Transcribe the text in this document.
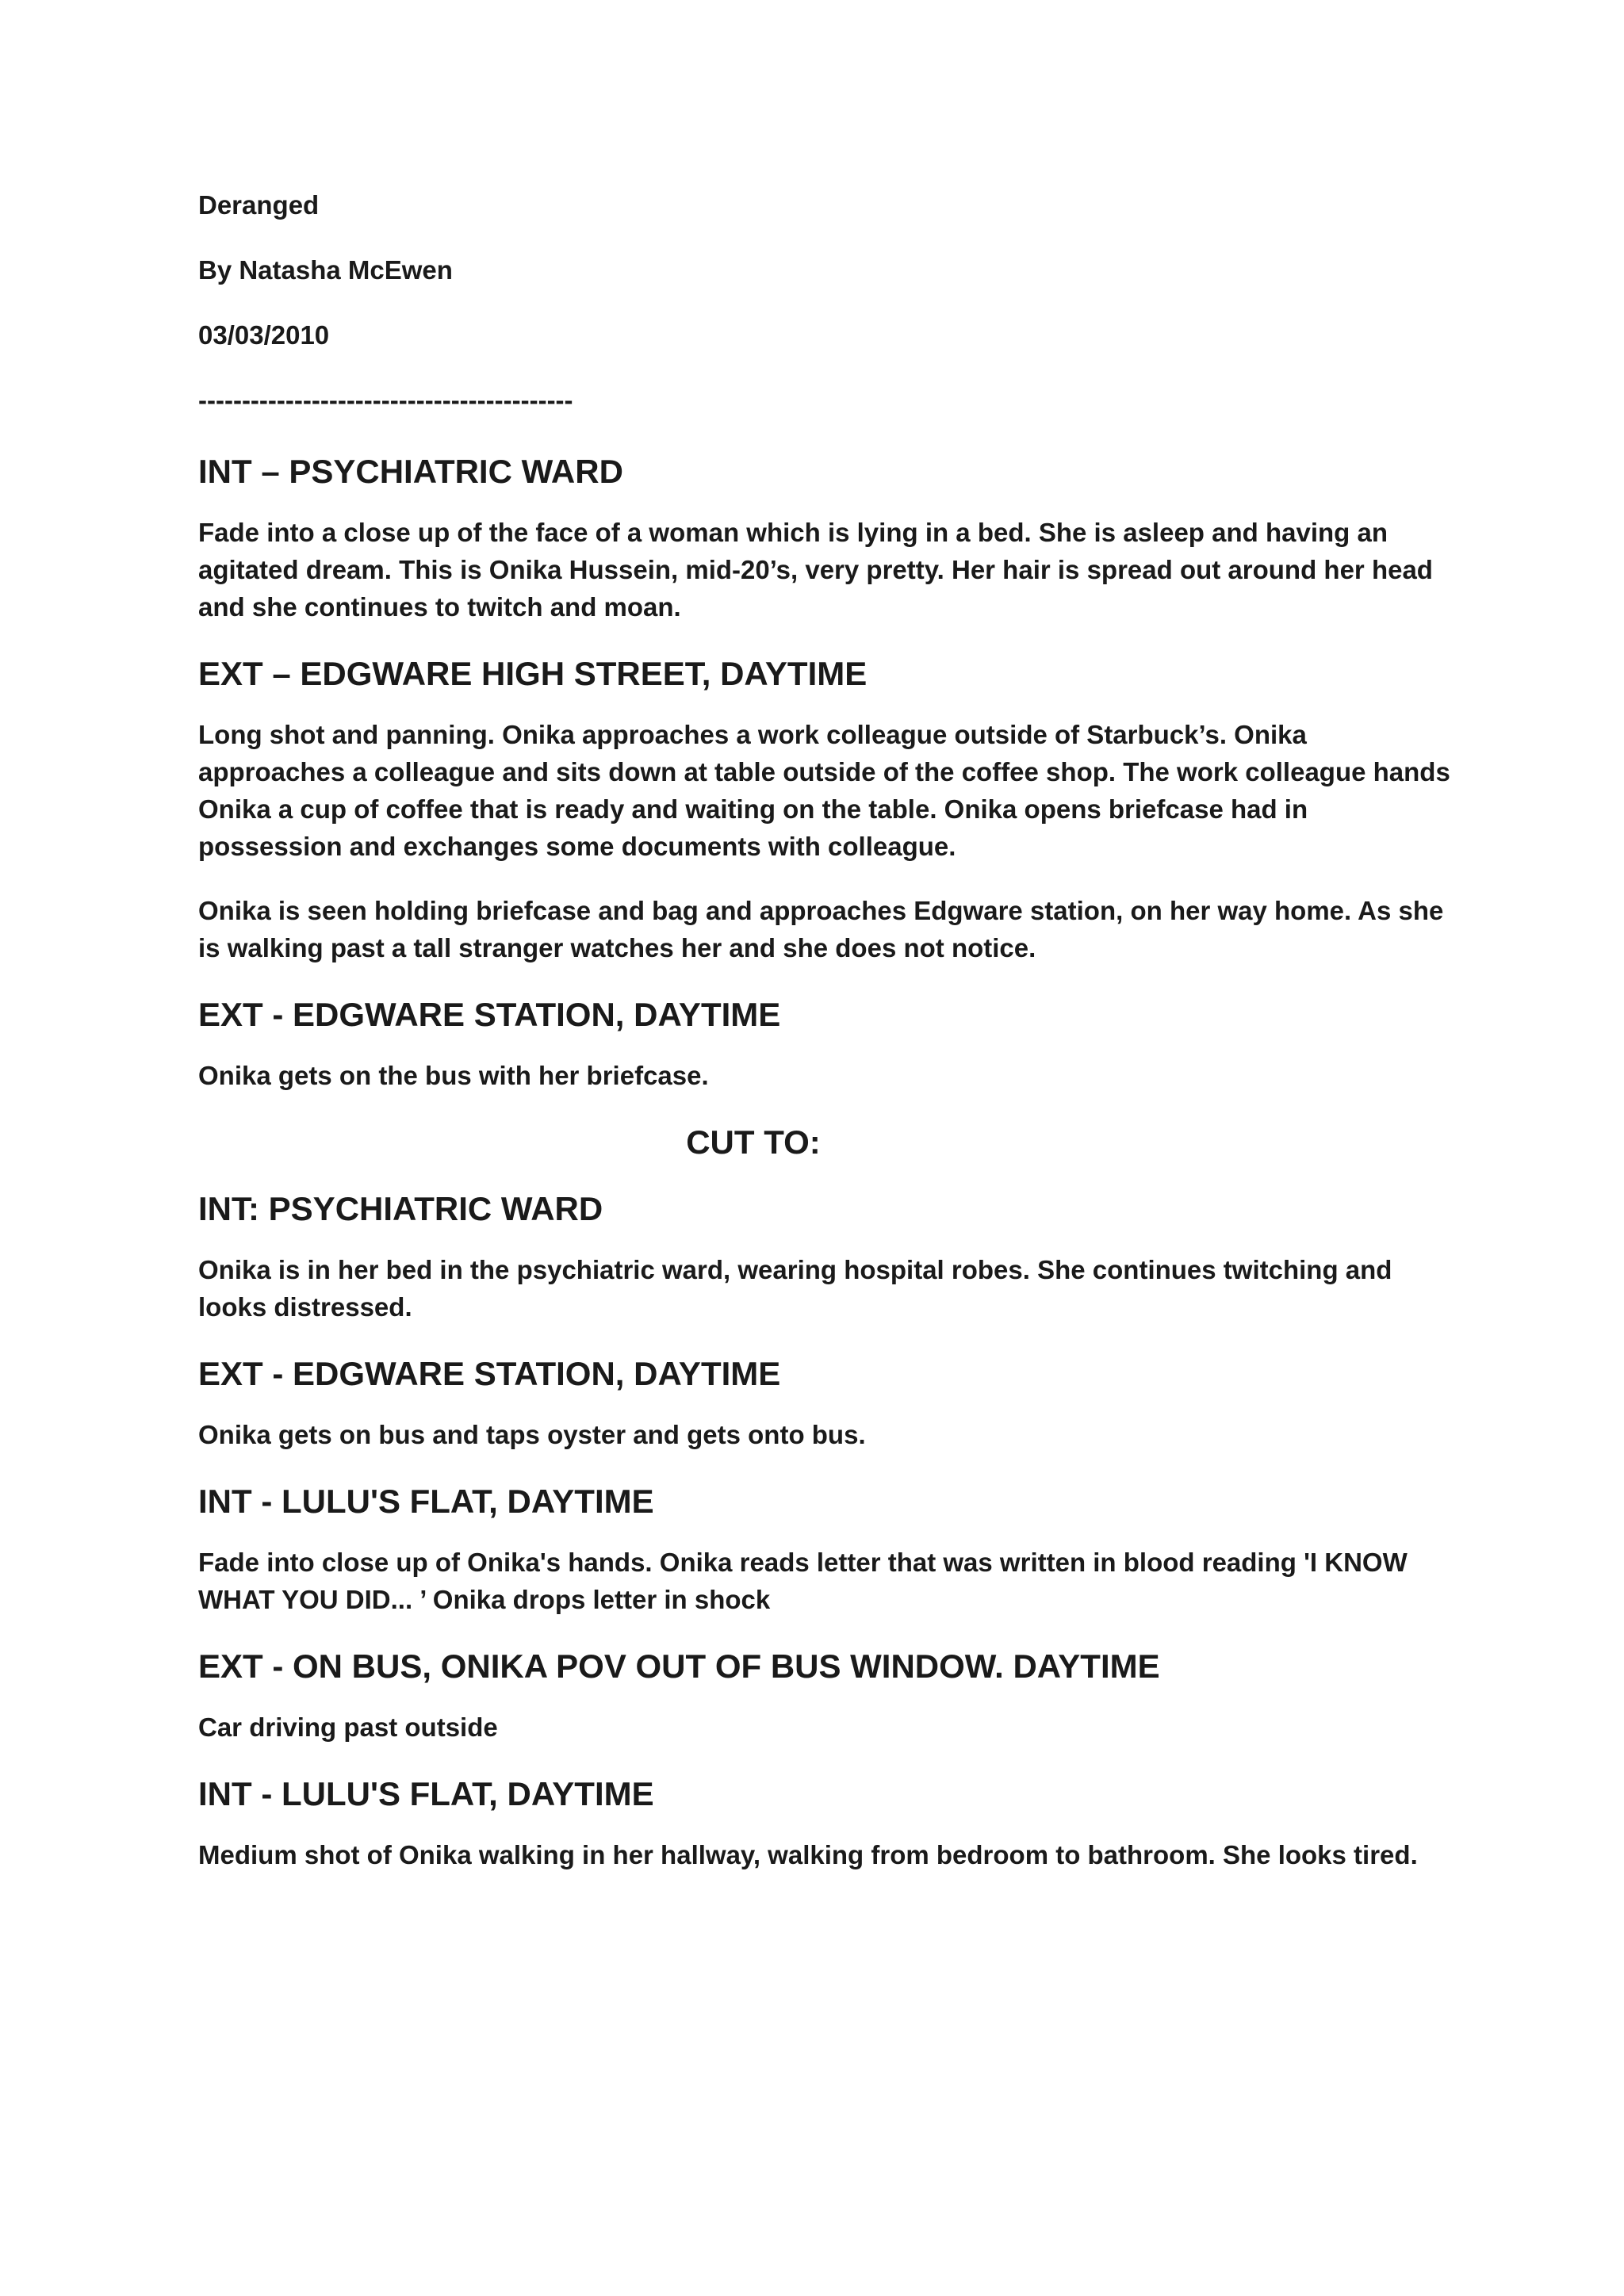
Deranged

By Natasha McEwen

03/03/2010

-------------------------------------------

INT – PSYCHIATRIC WARD

Fade into a close up of the face of a woman which is lying in a bed. She is asleep and having an agitated dream. This is Onika Hussein, mid-20’s, very pretty. Her hair is spread out around her head and she continues to twitch and moan.

EXT – EDGWARE HIGH STREET, DAYTIME

Long shot and panning. Onika approaches a work colleague outside of Starbuck’s. Onika approaches a colleague and sits down at table outside of the coffee shop. The work colleague hands Onika a cup of coffee that is ready and waiting on the table. Onika opens briefcase had in possession and exchanges some documents with colleague.

Onika is seen holding briefcase and bag and approaches Edgware station, on her way home. As she is walking past a tall stranger watches her and she does not notice.

EXT - EDGWARE STATION, DAYTIME

Onika gets on the bus with her briefcase.

CUT TO:

INT: PSYCHIATRIC WARD

Onika is in her bed in the psychiatric ward, wearing hospital robes. She continues twitching and looks distressed.

EXT - EDGWARE STATION, DAYTIME

Onika gets on bus and taps oyster and gets onto bus.

INT - LULU'S FLAT, DAYTIME

Fade into close up of Onika's hands. Onika reads letter that was written in blood reading 'I KNOW WHAT YOU DID... ’ Onika drops letter in shock

EXT - ON BUS, ONIKA POV OUT OF BUS WINDOW. DAYTIME

Car driving past outside

INT - LULU'S FLAT, DAYTIME

Medium shot of Onika walking in her hallway, walking from bedroom to bathroom. She looks tired.
